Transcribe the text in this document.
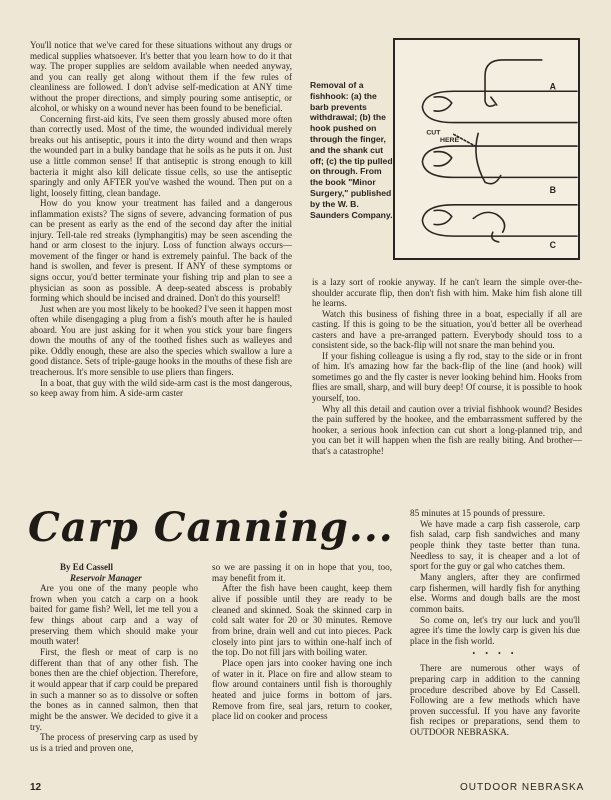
You'll notice that we've cared for these situations without any drugs or medical supplies whatsoever. It's better that you learn how to do it that way. The proper supplies are seldom available when needed anyway, and you can really get along without them if the few rules of cleanliness are followed. I don't advise self-medication at ANY time without the proper directions, and simply pouring some antiseptic, or alcohol, or whisky on a wound never has been found to be beneficial.

Concerning first-aid kits, I've seen them grossly abused more often than correctly used. Most of the time, the wounded individual merely breaks out his antiseptic, pours it into the dirty wound and then wraps the wounded part in a bulky bandage that he soils as he puts it on. Just use a little common sense! If that antiseptic is strong enough to kill bacteria it might also kill delicate tissue cells, so use the antiseptic sparingly and only AFTER you've washed the wound. Then put on a light, loosely fitting, clean bandage.

How do you know your treatment has failed and a dangerous inflammation exists? The signs of severe, advancing formation of pus can be present as early as the end of the second day after the initial injury. Tell-tale red streaks (lymphangitis) may be seen ascending the hand or arm closest to the injury. Loss of function always occurs—movement of the finger or hand is extremely painful. The back of the hand is swollen, and fever is present. If ANY of these symptoms or signs occur, you'd better terminate your fishing trip and plan to see a physician as soon as possible. A deep-seated abscess is probably forming which should be incised and drained. Don't do this yourself!

Just when are you most likely to be hooked? I've seen it happen most often while disengaging a plug from a fish's mouth after he is hauled aboard. You are just asking for it when you stick your bare fingers down the mouths of any of the toothed fishes such as walleyes and pike. Oddly enough, these are also the species which swallow a lure a good distance. Sets of triple-gauge hooks in the mouths of these fish are treacherous. It's more sensible to use pliers than fingers.

In a boat, that guy with the wild side-arm cast is the most dangerous, so keep away from him. A side-arm caster

Removal of a fishhook: (a) the barb prevents withdrawal; (b) the hook pushed on through the finger, and the shank cut off; (c) the tip pulled on through. From the book "Minor Surgery," published by the W. B. Saunders Company.
A
CUT
HERE
B
C

is a lazy sort of rookie anyway. If he can't learn the simple over-the-shoulder accurate flip, then don't fish with him. Make him fish alone till he learns.

Watch this business of fishing three in a boat, especially if all are casting. If this is going to be the situation, you'd better all be overhead casters and have a pre-arranged pattern. Everybody should toss to a consistent side, so the back-flip will not snare the man behind you.

If your fishing colleague is using a fly rod, stay to the side or in front of him. It's amazing how far the back-flip of the line (and hook) will sometimes go and the fly caster is never looking behind him. Hooks from flies are small, sharp, and will bury deep! Of course, it is possible to hook yourself, too.

Why all this detail and caution over a trivial fishhook wound? Besides the pain suffered by the hookee, and the embarrassment suffered by the hooker, a serious hook infection can cut short a long-planned trip, and you can bet it will happen when the fish are really biting. And brother—that's a catastrophe!

Carp Canning...
By Ed Cassell
Reservoir Manager

Are you one of the many people who frown when you catch a carp on a hook baited for game fish? Well, let me tell you a few things about carp and a way of preserving them which should make your mouth water!

First, the flesh or meat of carp is no different than that of any other fish. The bones then are the chief objection. Therefore, it would appear that if carp could be prepared in such a manner so as to dissolve or soften the bones as in canned salmon, then that might be the answer. We decided to give it a try.

The process of preserving carp as used by us is a tried and proven one,

so we are passing it on in hope that you, too, may benefit from it.

After the fish have been caught, keep them alive if possible until they are ready to be cleaned and skinned. Soak the skinned carp in cold salt water for 20 or 30 minutes. Remove from brine, drain well and cut into pieces. Pack closely into pint jars to within one-half inch of the top. Do not fill jars with boiling water.

Place open jars into cooker having one inch of water in it. Place on fire and allow steam to flow around containers until fish is thoroughly heated and juice forms in bottom of jars. Remove from fire, seal jars, return to cooker, place lid on cooker and process

85 minutes at 15 pounds of pressure.

We have made a carp fish casserole, carp fish salad, carp fish sandwiches and many people think they taste better than tuna. Needless to say, it is cheaper and a lot of sport for the guy or gal who catches them.

Many anglers, after they are confirmed carp fishermen, will hardly fish for anything else. Worms and dough balls are the most common baits.

So come on, let's try our luck and you'll agree it's time the lowly carp is given his due place in the fish world.

• • • •

There are numerous other ways of preparing carp in addition to the canning procedure described above by Ed Cassell. Following are a few methods which have proven successful. If you have any favorite fish recipes or preparations, send them to OUTDOOR NEBRASKA.

12	OUTDOOR NEBRASKA
